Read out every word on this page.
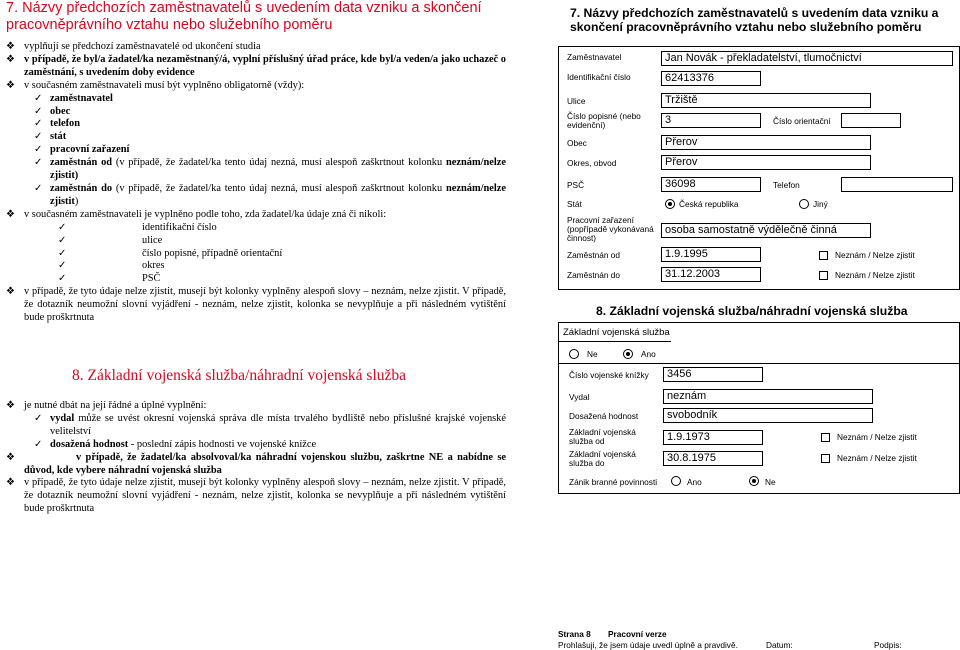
7. Názvy předchozích zaměstnavatelů s uvedením data vzniku a skončení pracovněprávního vztahu nebo služebního poměru
❖ vyplňují se předchozí zaměstnavatelé od ukončení studia
❖ v případě, že byl/a žadatel/ka nezaměstnaný/á, vyplní příslušný úřad práce, kde byl/a veden/a jako uchazeč o zaměstnání, s uvedením doby evidence
❖ v současném zaměstnavateli musí být vyplněno obligatorně (vždy):
✓ zaměstnavatel
✓ obec
✓ telefon
✓ stát
✓ pracovní zařazení
✓ zaměstnán od (v případě, že žadatel/ka tento údaj nezná, musí alespoň zaškrtnout kolonku neznám/nelze zjistit)
✓ zaměstnán do (v případě, že žadatel/ka tento údaj nezná, musí alespoň zaškrtnout kolonku neznám/nelze zjistit)
❖ v současném zaměstnavateli je vyplněno podle toho, zda žadatel/ka údaje zná či nikoli:
✓	identifikační číslo
✓	ulice
✓	číslo popisné, případně orientační
✓	okres
✓	PSČ
❖ v případě, že tyto údaje nelze zjistit, musejí být kolonky vyplněny alespoň slovy – neznám, nelze zjistit. V případě, že dotazník neumožní slovní vyjádření - neznám, nelze zjistit, kolonka se nevyplňuje a při následném vytištění bude proškrtnuta
8. Základní vojenská služba/náhradní vojenská služba
❖ je nutné dbát na její řádné a úplné vyplnění:
✓ vydal může se uvést okresní vojenská správa dle místa trvalého bydliště nebo příslušné krajské vojenské velitelství
✓ dosažená hodnost - poslední zápis hodnosti ve vojenské knížce
❖	v případě, že žadatel/ka absolvoval/ka náhradní vojenskou službu, zaškrtne NE a nabídne se důvod, kde vybere náhradní vojenská služba
❖ v případě, že tyto údaje nelze zjistit, musejí být kolonky vyplněny alespoň slovy – neznám, nelze zjistit. V případě, že dotazník neumožní slovní vyjádření - neznám, nelze zjistit, kolonka se nevyplňuje a při následném vytištění bude proškrtnuta
7. Názvy předchozích zaměstnavatelů s uvedením data vzniku a skončení pracovněprávního vztahu nebo služebního poměru
Zaměstnavatel	Jan Novák - překladatelství, tlumočnictví
Identifikační číslo	62413376
Ulice	Tržiště
Číslo popisné (nebo evidenční)	3	Číslo orientační
Obec	Přerov
Okres, obvod	Přerov
PSČ	36098	Telefon
Stát	Česká republika	Jiný
Pracovní zařazení (popřípadě vykonávaná činnost)
osoba samostatně výdělečně činná
Zaměstnán od	1.9.1995	Neznám / Nelze zjistit
Zaměstnán do	31.12.2003	Neznám / Nelze zjistit
8. Základní vojenská služba/náhradní vojenská služba
Základní vojenská služba
Ne	Ano
Číslo vojenské knížky	3456
Vydal	neznám
Dosažená hodnost	svobodník
Základní vojenská služba od	1.9.1973	Neznám / Nelze zjistit
Základní vojenská služba do	30.8.1975	Neznám / Nelze zjistit
Zánik branné povinnosti	Ano	Ne
Strana 8 Pracovní verze
Prohlašuji, že jsem údaje uvedl úplně a pravdivě.	Datum:	Podpis:
